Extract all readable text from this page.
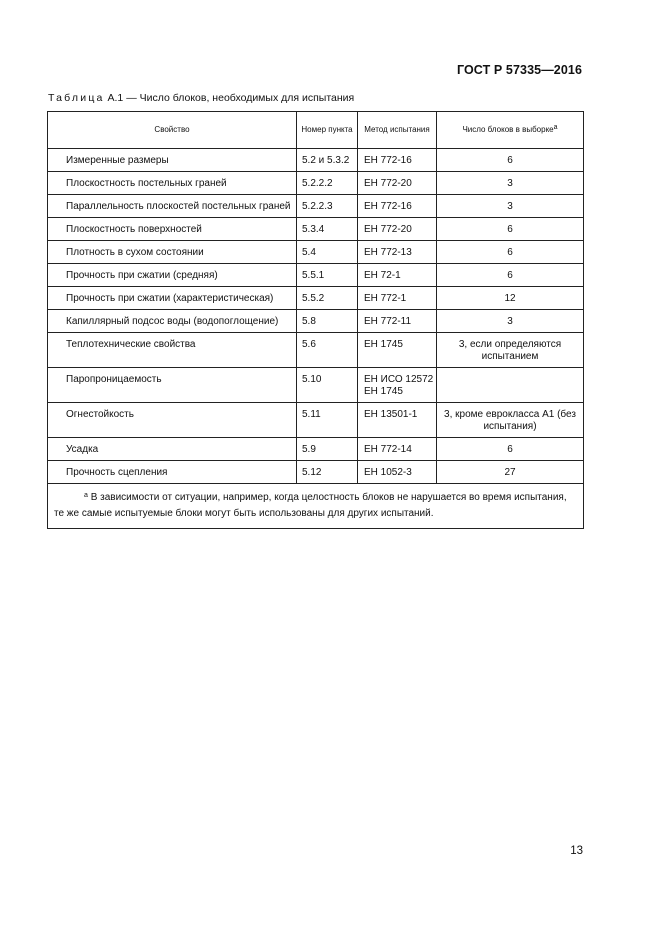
ГОСТ Р 57335—2016
Таблица А.1 — Число блоков, необходимых для испытания
Свойство	Номер пункта	Метод испытания	Число блоков в выборке$^a$
Измеренные размеры	5.2 и 5.3.2	ЕН 772-16	6
Плоскостность постельных граней	5.2.2.2	ЕН 772-20	3
Параллельность плоскостей постельных граней	5.2.2.3	ЕН 772-16	3
Плоскостность поверхностей	5.3.4	ЕН 772-20	6
Плотность в сухом состоянии	5.4	ЕН 772-13	6
Прочность при сжатии (средняя)	5.5.1	ЕН 72-1	6
Прочность при сжатии (характеристическая)	5.5.2	ЕН 772-1	12
Капиллярный подсос воды (водопоглощение)	5.8	ЕН 772-11	3
Теплотехнические свойства	5.6	ЕН 1745	3, если определяются испытанием
Паропроницаемость	5.10	ЕН ИСО 12572 ЕН 1745	
Огнестойкость	5.11	ЕН 13501-1	3, кроме еврокласса А1 (без испытания)
Усадка	5.9	ЕН 772-14	6
Прочность сцепления	5.12	ЕН 1052-3	27
$^a$ В зависимости от ситуации, например, когда целостность блоков не нарушается во время испытания, те же самые испытуемые блоки могут быть использованы для других испытаний.			
13
